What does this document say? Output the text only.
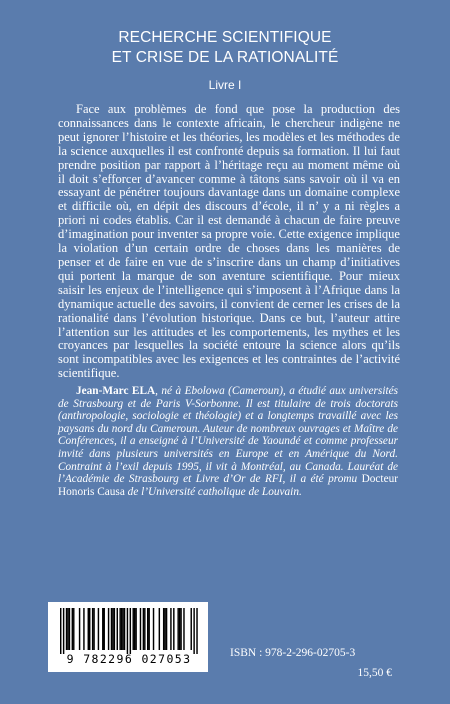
RECHERCHE SCIENTIFIQUE
ET CRISE DE LA RATIONALITÉ
Livre I

Face aux problèmes de fond que pose la production des connaissances dans le contexte africain, le chercheur indigène ne peut ignorer l’histoire et les théories, les modèles et les méthodes de la science auxquelles il est confronté depuis sa formation. Il lui faut prendre position par rapport à l’héritage reçu au moment même où il doit s’efforcer d’avancer comme à tâtons sans savoir où il va en essayant de pénétrer toujours davantage dans un domaine complexe et difficile où, en dépit des discours d’école, il n’ y a ni règles a priori ni codes établis. Car il est demandé à chacun de faire preuve d’imagination pour inventer sa propre voie. Cette exigence implique la violation d’un certain ordre de choses dans les manières de penser et de faire en vue de s’inscrire dans un champ d’initiatives qui portent la marque de son aventure scientifique. Pour mieux saisir les enjeux de l’intelligence qui s’imposent à l’Afrique dans la dynamique actuelle des savoirs, il convient de cerner les crises de la rationalité dans l’évolution historique. Dans ce but, l’auteur attire l’attention sur les attitudes et les comportements, les mythes et les croyances par lesquelles la société entoure la science alors qu’ils sont incompatibles avec les exigences et les contraintes de l’activité scientifique.

Jean-Marc ELA, né à Ebolowa (Cameroun), a étudié aux universités de Strasbourg et de Paris V-Sorbonne. Il est titulaire de trois doctorats (anthropologie, sociologie et théologie) et a longtemps travaillé avec les paysans du nord du Cameroun. Auteur de nombreux ouvrages et Maître de Conférences, il a enseigné à l’Université de Yaoundé et comme professeur invité dans plusieurs universités en Europe et en Amérique du Nord. Contraint à l’exil depuis 1995, il vit à Montréal, au Canada. Lauréat de l’Académie de Strasbourg et Livre d’Or de RFI, il a été promu Docteur Honoris Causa de l’Université catholique de Louvain.

9 782296 027053	ISBN : 978-2-296-02705-3
15,50 €
